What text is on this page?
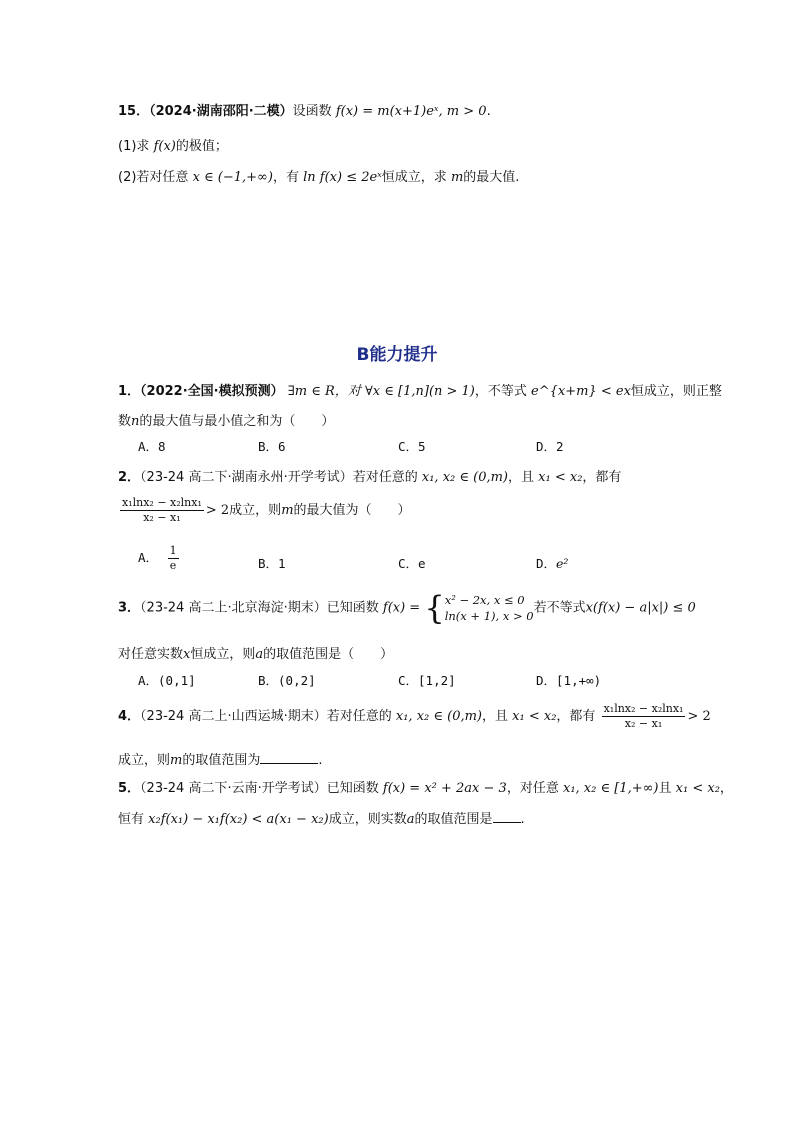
15．（2024·湖南邵阳·二模）设函数 f(x) = m(x+1)eˣ, m > 0.
(1)求 f(x)的极值；
(2)若对任意 x ∈ (−1,+∞)，有 ln f(x) ≤ 2eˣ恒成立，求 m的最大值.
B能力提升
1．（2022·全国·模拟预测） ∃m ∈ R，对 ∀x ∈ [1,n](n > 1)，不等式 e^{x+m} < ex恒成立，则正整
数n的最大值与最小值之和为（　　）
A．8	B．6	C．5	D．2
2．（23-24 高二下·湖南永州·开学考试）若对任意的 x₁, x₂ ∈ (0,m)，且 x₁ < x₂，都有
$\frac{\text{x₁lnx₂ − x₂lnx₁}}{\text{x₂ − x₁}} > 2$成立，则m的最大值为（　　）
A． $\frac{1}{e}$	B．1	C．e	D．e²
3．（23-24 高二上·北京海淀·期末）已知函数 f(x) = { x² − 2x, x ≤ 0
ln(x + 1), x > 0
若不等式x(f(x) − a|x|) ≤ 0
对任意实数x恒成立，则a的取值范围是（　　）
A．(0,1]	B．(0,2]	C．[1,2]	D．[1,+∞)
4．（23-24 高二上·山西运城·期末）若对任意的 x₁, x₂ ∈ (0,m)，且 x₁ < x₂，都有 $\frac{\text{x₁lnx₂ − x₂lnx₁}}{\text{x₂ − x₁}} > 2$
成立，则m的取值范围为	.
5．（23-24 高二下·云南·开学考试）已知函数 f(x) = x² + 2ax − 3，对任意 x₁, x₂ ∈ [1,+∞)且 x₁ < x₂，
恒有 x₂f(x₁) − x₁f(x₂) < a(x₁ − x₂)成立，则实数a的取值范围是 .
